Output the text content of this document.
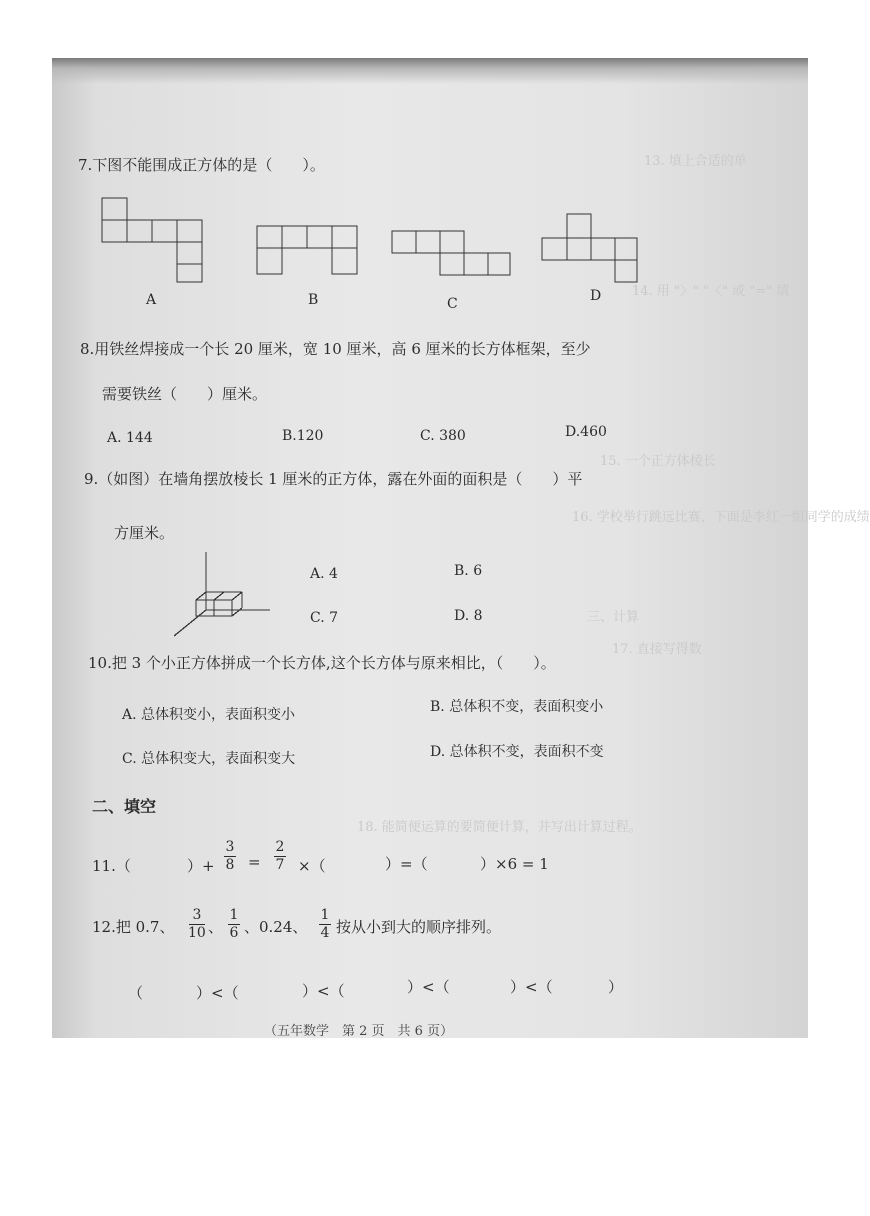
13. 填上合适的单
14. 用 "〉" "〈" 或 "=" 填
15. 一个正方体棱长
16. 学校举行跳远比赛，下面是李红一组同学的成绩
三、计算
17. 直接写得数
18. 能简便运算的要简便计算，并写出计算过程。
7.下图不能围成正方体的是（　　）。
A	B	C	D
8.用铁丝焊接成一个长 20 厘米，宽 10 厘米，高 6 厘米的长方体框架，至少
需要铁丝（　　）厘米。
A. 144	B.120	C. 380	D.460
9.（如图）在墙角摆放棱长 1 厘米的正方体，露在外面的面积是（　　）平
方厘米。
A. 4	B. 6
C. 7	D. 8
10.把 3 个小正方体拼成一个长方体,这个长方体与原来相比，（　　）。
A. 总体积变小，表面积变小	B. 总体积不变，表面积变小
C. 总体积变大，表面积变大	D. 总体积不变，表面积不变
二、填空
11.（	）+
3
8 =
2
7 ×（	）=（	）×6 = 1
12.把 0.7、
3
10 、
1
6 、0.24、
1
4 按从小到大的顺序排列。
（	）<（	）<（	）<（	）<（	）
（五年数学　第 2 页　共 6 页）
